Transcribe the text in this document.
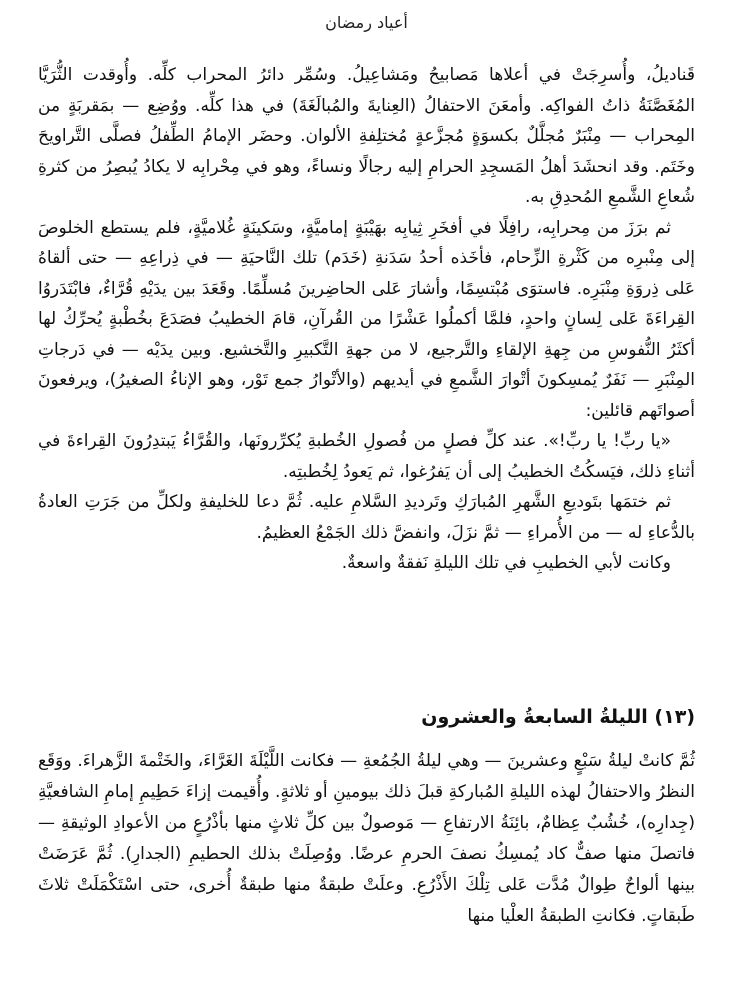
أعياد رمضان

قَناديلُ، وأُسرِجَتْ في أعلاها مَصابيحُ ومَشاعِيلُ. وسُمِّر دائرُ المحراب كلِّه. وأُوقدت الثُّرَيَّا المُغَصَّنَةُ ذاتُ الفواكِه. وأمعَنَ الاحتفالُ (العِنايةَ والمُبالَغَةَ) في هذا كلِّه. ووُضِع — بمَقربَةٍ من المِحراب — مِنْبَرٌ مُجلَّلٌ بكسوَةٍ مُجزَّعةٍ مُختلِفةِ الألوان. وحضَر الإمامُ الطِّفلُ فصلَّى التَّراويحَ وخَتَم. وقد انحشَدَ أهلُ المَسجِدِ الحرامِ إليه رجالًا ونساءً، وهو في مِحْرابِه لا يكادُ يُبصِرُ من كثرةِ شُعاعِ الشَّمعِ المُحدِقِ به.

ثم برَزَ من مِحرابِه، رافِلًا في أفخَرِ ثِيابِه بهَيْبَةٍ إماميَّةٍ، وسَكينَةٍ غُلاميَّةٍ، فلم يستطع الخلوصَ إلى مِنْبرِه من كَثْرةِ الزِّحام، فأخَذه أحدُ سَدَنةِ (خَدَم) تلك النَّاحيَةِ — في ذِراعِهِ — حتى ألقاهُ عَلى ذِروَةِ مِنْبَرِه. فاستوَى مُبْتسِمًا، وأشارَ عَلى الحاضِرينَ مُسلِّمًا. وقَعَدَ بين يدَيْهِ قُرَّاءٌ، فابْتَدَروُا القِراءَةَ عَلى لِسانٍ واحدٍ، فلمَّا أكملُوا عَشْرًا من القُرآنِ، قامَ الخطيبُ فصَدَعَ بخُطْبةٍ يُحرِّكُ لها أكثَرُ النُّفوسِ من جِهةِ الإلقاءِ والتَّرجيع، لا من جهةِ التَّكبيرِ والتَّخشيع. وبين يدَيْه — في دَرجاتِ المِنْبَرِ — نَفَرٌ يُمسِكونَ أتْوارَ الشَّمعِ في أيديهم (والأتْوارُ جمع تَوْر، وهو الإناءُ الصغيرُ)، ويرفعونَ أصواتَهم قائلين:

«يا ربِّ! يا ربِّ!». عند كلِّ فصلٍ من فُصولِ الخُطبةِ يُكرِّرونَها، والقُرَّاءُ يَبتدِرُونَ القِراءةَ في أثناءِ ذلك، فيَسكُتُ الخطيبُ إلى أن يَفرُغوا، ثم يَعودُ لِخُطبتِه.

ثم ختمَها بتَوديعِ الشَّهرِ المُبارَكِ وتَرديدِ السَّلامِ عليه. ثُمَّ دعا للخليفةِ ولكلِّ من جَرَتِ العادةُ بالدُّعاءِ له — من الأُمراءِ — ثمَّ نزَلَ، وانفضَّ ذلك الجَمْعُ العظيمُ.

وكانت لأبي الخطيبِ في تلك الليلةِ نَفقةٌ واسعةٌ.

(١٣) الليلةُ السابعةُ والعشرون

ثُمَّ كانتْ ليلةُ سَبْعٍ وعشرينَ — وهي ليلةُ الجُمُعةِ — فكانت اللَّيْلَةَ الغَرَّاءَ، والخَتْمةَ الزَّهراءَ. ووَقَع النظرُ والاحتفالُ لهذه الليلةِ المُباركةِ قبلَ ذلك بيومينِ أو ثلاثةٍ. وأُقيمت إزاءَ حَطِيمِ إمامِ الشافعيَّةِ (جِدارِه)، خُشُبٌ عِظامٌ، بائِنَةُ الارتفاعِ — مَوصولٌ بين كلِّ ثلاثٍ منها بأذْرُعٍ من الأعوادِ الوثيقةِ — فاتصلَ منها صفٌّ كاد يُمسِكُ نصفَ الحرمِ عرضًا. ووُصِلَتْ بذلك الحطيمِ (الجدارِ). ثُمَّ عَرَضَتْ بينها ألواحٌ طِوالٌ مُدَّت عَلى تِلْكَ الأَذْرُعِ. وعلَتْ طبقةٌ منها طبقةٌ أُخرى، حتى اسْتَكْمَلَتْ ثلاثَ طَبقاتٍ. فكانتِ الطبقةُ العلْيا منها
